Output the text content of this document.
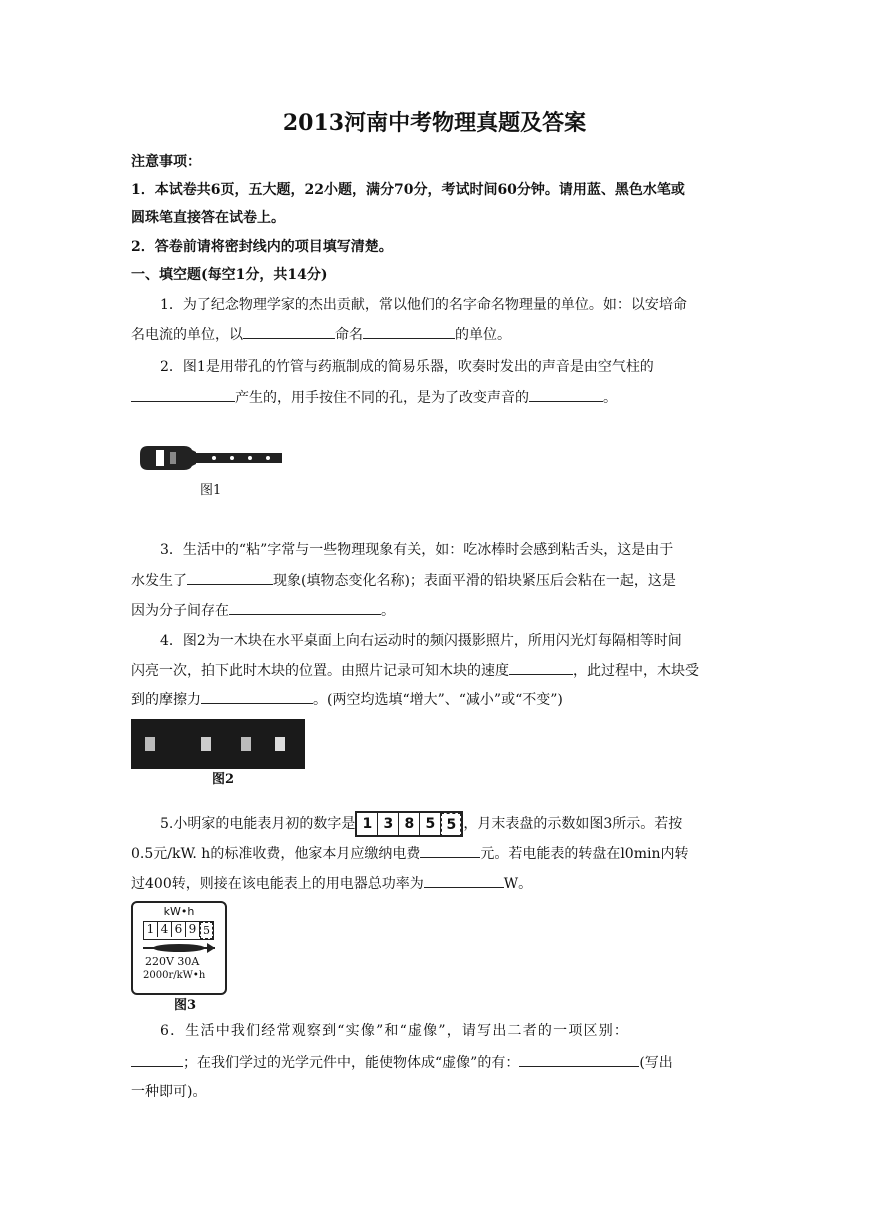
2013河南中考物理真题及答案
注意事项：
1．本试卷共6页，五大题，22小题，满分70分，考试时间60分钟。请用蓝、黑色水笔或
圆珠笔直接答在试卷上。
2．答卷前请将密封线内的项目填写清楚。
一、填空题(每空1分，共14分)
1．为了纪念物理学家的杰出贡献，常以他们的名字命名物理量的单位。如：以安培命
名电流的单位，以	命名	的单位。
2．图1是用带孔的竹管与药瓶制成的简易乐器，吹奏时发出的声音是由空气柱的
产生的，用手按住不同的孔，是为了改变声音的	。
图1
3．生活中的“粘”字常与一些物理现象有关，如：吃冰棒时会感到粘舌头，这是由于
水发生了	现象(填物态变化名称)；表面平滑的铅块紧压后会粘在一起，这是
因为分子间存在	。
4．图2为一木块在水平桌面上向右运动时的频闪摄影照片，所用闪光灯每隔相等时间
闪亮一次，拍下此时木块的位置。由照片记录可知木块的速度	，此过程中，木块受
到的摩擦力	。(两空均选填“增大”、“减小”或“不变”)
图2
5.小明家的电能表月初的数字是 1 3 8 5 5 ，月末表盘的示数如图3所示。若按
0.5元/kW. h的标准收费，他家本月应缴纳电费	元。若电能表的转盘在l0min内转
过400转，则接在该电能表上的用电器总功率为	W。
kW•h
1 4 6 9 5
220V 30A
2000r/kW•h
图3
6．生活中我们经常观察到“实像”和“虚像”，请写出二者的一项区别：
；在我们学过的光学元件中，能使物体成“虚像”的有：	(写出
一种即可)。
